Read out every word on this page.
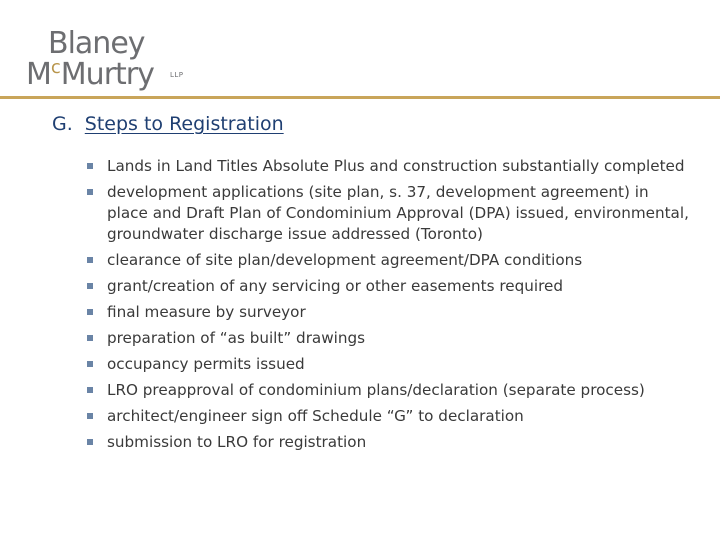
Blaney
$M^cMurtry$ LLP
G. Steps to Registration
Lands in Land Titles Absolute Plus and construction substantially completed
development applications (site plan, s. 37, development agreement) in place and Draft Plan of Condominium Approval (DPA) issued, environmental, groundwater discharge issue addressed (Toronto)
clearance of site plan/development agreement/DPA conditions
grant/creation of any servicing or other easements required
final measure by surveyor
preparation of “as built” drawings
occupancy permits issued
LRO preapproval of condominium plans/declaration (separate process)
architect/engineer sign off Schedule “G” to declaration
submission to LRO for registration
